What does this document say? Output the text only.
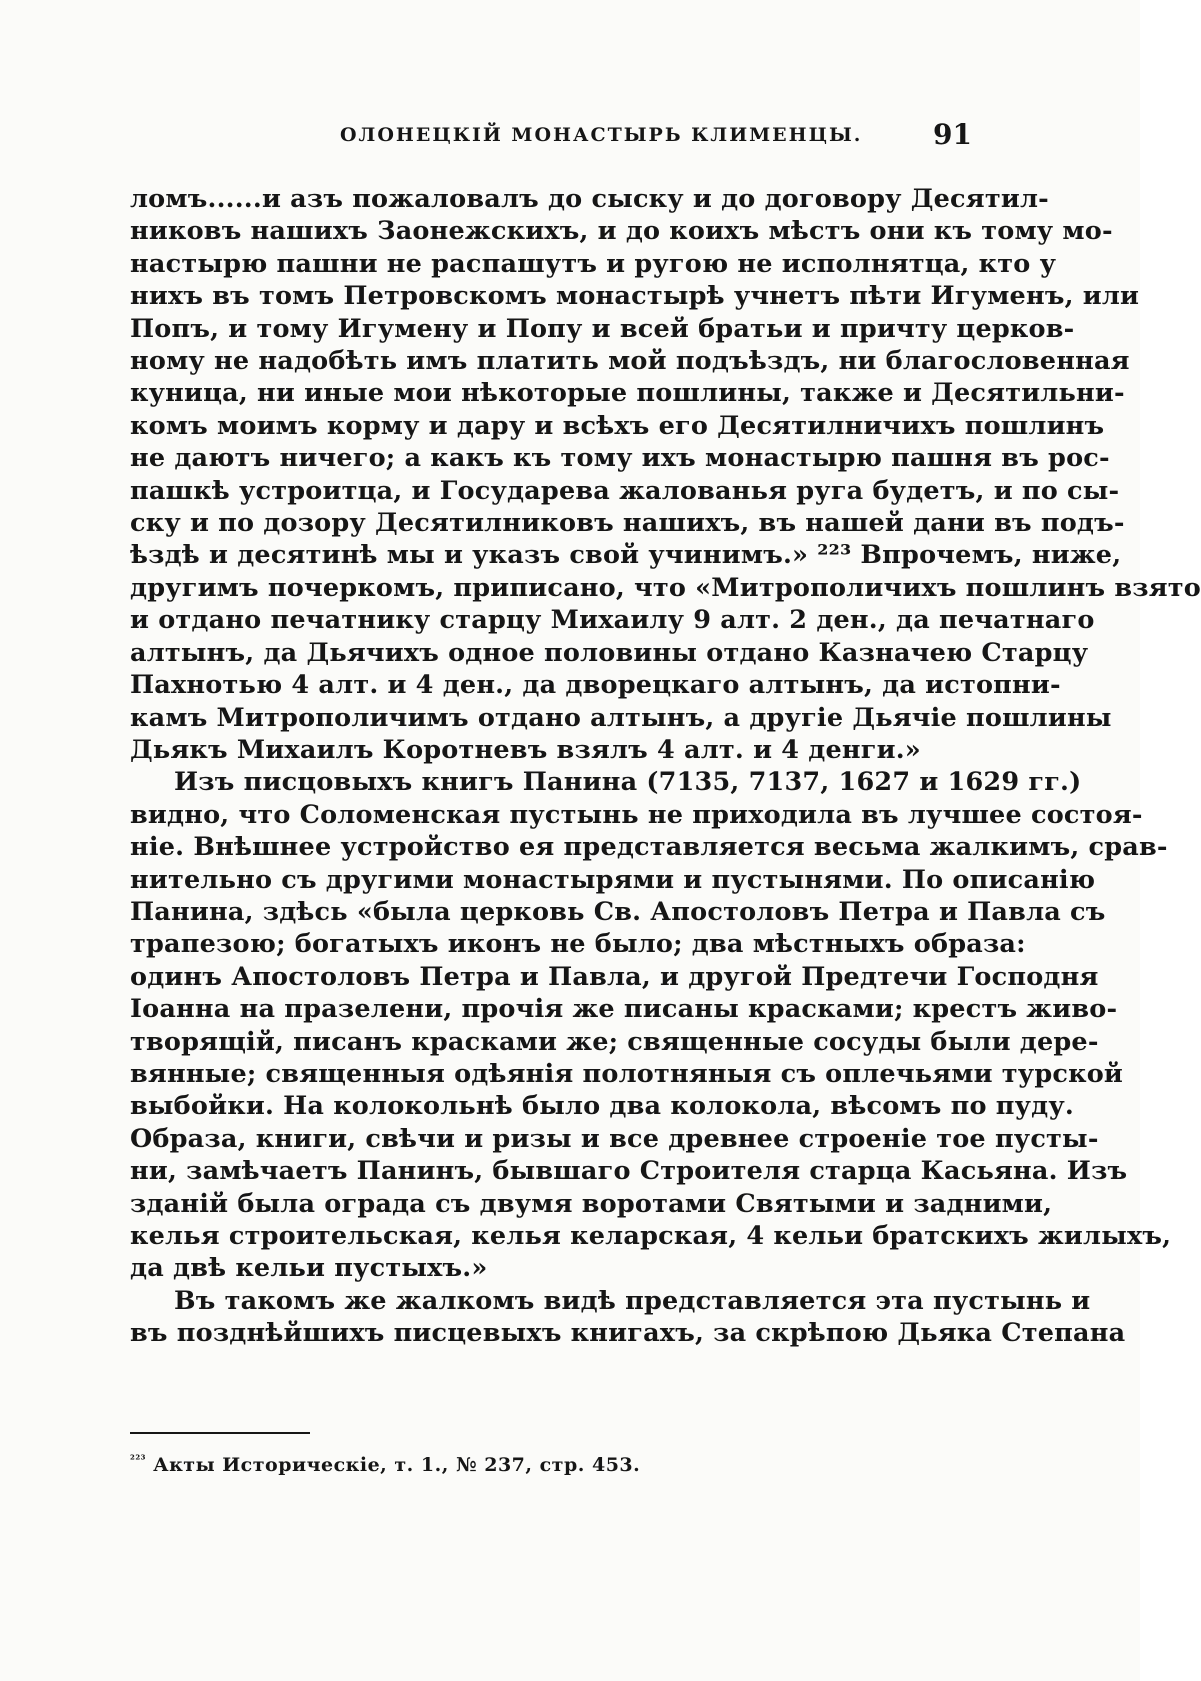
ОЛОНЕЦКІЙ МОНАСТЫРЬ КЛИМЕНЦЫ.	91
ломъ......и азъ пожаловалъ до сыску и до договору Десятил-
никовъ нашихъ Заонежскихъ, и до коихъ мѣстъ они къ тому мо-
настырю пашни не распашутъ и ругою не исполнятца, кто у
нихъ въ томъ Петровскомъ монастырѣ учнетъ пѣти Игуменъ, или
Попъ, и тому Игумену и Попу и всей братьи и причту церков-
ному не надобѣть имъ платить мой подъѣздъ, ни благословенная
куница, ни иные мои нѣкоторые пошлины, также и Десятильни-
комъ моимъ корму и дару и всѣхъ его Десятилничихъ пошлинъ
не даютъ ничего; а какъ къ тому ихъ монастырю пашня въ рос-
пашкѣ устроитца, и Государева жалованья руга будетъ, и по сы-
ску и по дозору Десятилниковъ нашихъ, въ нашей дани въ подъ-
ѣздѣ и десятинѣ мы и указъ свой учинимъ.» ²²³ Впрочемъ, ниже,
другимъ почеркомъ, приписано, что «Митрополичихъ пошлинъ взято
и отдано печатнику старцу Михаилу 9 алт. 2 ден., да печатнаго
алтынъ, да Дьячихъ одное половины отдано Казначею Старцу
Пахнотью 4 алт. и 4 ден., да дворецкаго алтынъ, да истопни-
камъ Митрополичимъ отдано алтынъ, а другіе Дьячіе пошлины
Дьякъ Михаилъ Коротневъ взялъ 4 алт. и 4 денги.»
Изъ писцовыхъ книгъ Панина (7135, 7137, 1627 и 1629 гг.)
видно, что Соломенская пустынь не приходила въ лучшее состоя-
ніе. Внѣшнее устройство ея представляется весьма жалкимъ, срав-
нительно съ другими монастырями и пустынями. По описанію
Панина, здѣсь «была церковь Св. Апостоловъ Петра и Павла съ
трапезою; богатыхъ иконъ не было; два мѣстныхъ образа:
одинъ Апостоловъ Петра и Павла, и другой Предтечи Господня
Іоанна на празелени, прочія же писаны красками; крестъ живо-
творящій, писанъ красками же; священные сосуды были дере-
вянные; священныя одѣянія полотняныя съ оплечьями турской
выбойки. На колокольнѣ было два колокола, вѣсомъ по пуду.
Образа, книги, свѣчи и ризы и все древнее строеніе тое пусты-
ни, замѣчаетъ Панинъ, бывшаго Строителя старца Касьяна. Изъ
зданій была ограда съ двумя воротами Святыми и задними,
келья строительская, келья келарская, 4 кельи братскихъ жилыхъ,
да двѣ кельи пустыхъ.»
Въ такомъ же жалкомъ видѣ представляется эта пустынь и
въ позднѣйшихъ писцевыхъ книгахъ, за скрѣпою Дьяка Степана
$^{^{223}}$ Акты Историческіе, т. 1., № 237, стр. 453.
